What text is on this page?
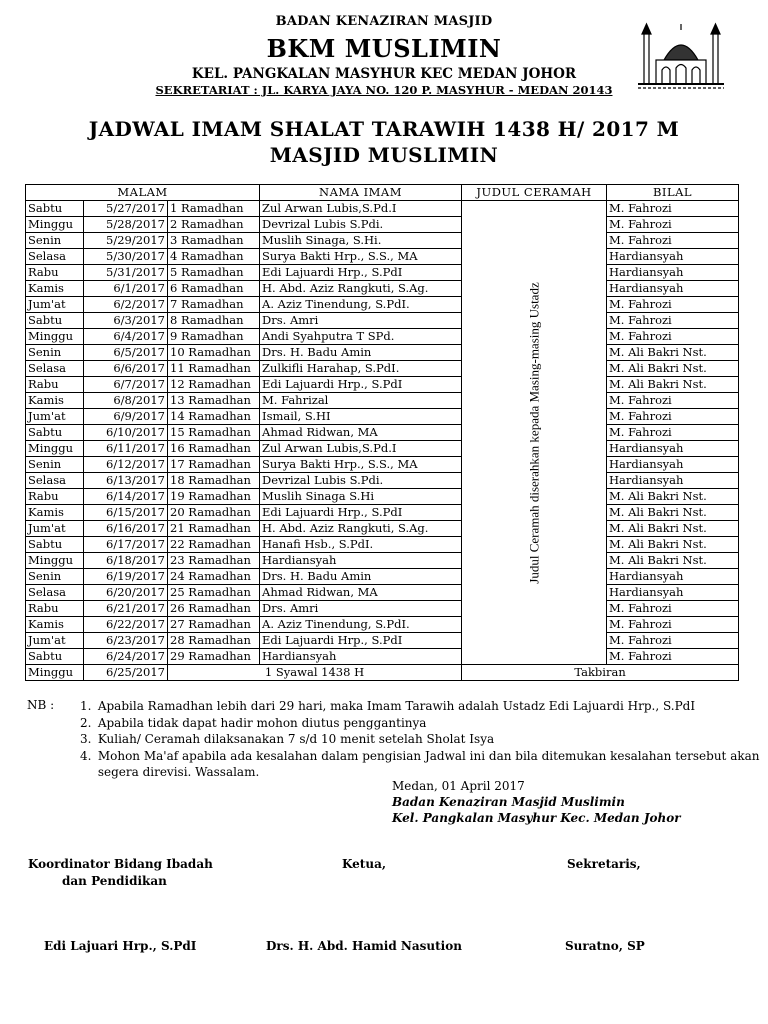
BADAN KENAZIRAN MASJID
BKM MUSLIMIN
KEL. PANGKALAN MASYHUR KEC MEDAN JOHOR
SEKRETARIAT : JL. KARYA JAYA NO. 120 P. MASYHUR - MEDAN 20143
JADWAL IMAM SHALAT TARAWIH 1438 H/ 2017 M
MASJID MUSLIMIN
MALAM			NAMA IMAM	JUDUL CERAMAH	BILAL
Sabtu	5/27/2017	1 Ramadhan	Zul Arwan Lubis,S.Pd.I	Judul Ceramah diserahkan kepada Masing-masing Ustadz	M. Fahrozi
Minggu	5/28/2017	2 Ramadhan	Devrizal Lubis S.Pdi.		M. Fahrozi
Senin	5/29/2017	3 Ramadhan	Muslih Sinaga, S.Hi.		M. Fahrozi
Selasa	5/30/2017	4 Ramadhan	Surya Bakti Hrp., S.S., MA		Hardiansyah
Rabu	5/31/2017	5 Ramadhan	Edi Lajuardi Hrp., S.PdI		Hardiansyah
Kamis	6/1/2017	6 Ramadhan	H. Abd. Aziz Rangkuti, S.Ag.		Hardiansyah
Jum'at	6/2/2017	7 Ramadhan	A. Aziz Tinendung, S.PdI.		M. Fahrozi
Sabtu	6/3/2017	8 Ramadhan	Drs. Amri		M. Fahrozi
Minggu	6/4/2017	9 Ramadhan	Andi Syahputra T SPd.		M. Fahrozi
Senin	6/5/2017	10 Ramadhan	Drs. H. Badu Amin		M. Ali Bakri Nst.
Selasa	6/6/2017	11 Ramadhan	Zulkifli Harahap, S.PdI.		M. Ali Bakri Nst.
Rabu	6/7/2017	12 Ramadhan	Edi Lajuardi Hrp., S.PdI		M. Ali Bakri Nst.
Kamis	6/8/2017	13 Ramadhan	M. Fahrizal		M. Fahrozi
Jum'at	6/9/2017	14 Ramadhan	Ismail, S.HI		M. Fahrozi
Sabtu	6/10/2017	15 Ramadhan	Ahmad Ridwan, MA		M. Fahrozi
Minggu	6/11/2017	16 Ramadhan	Zul Arwan Lubis,S.Pd.I		Hardiansyah
Senin	6/12/2017	17 Ramadhan	Surya Bakti Hrp., S.S., MA		Hardiansyah
Selasa	6/13/2017	18 Ramadhan	Devrizal Lubis S.Pdi.		Hardiansyah
Rabu	6/14/2017	19 Ramadhan	Muslih Sinaga S.Hi		M. Ali Bakri Nst.
Kamis	6/15/2017	20 Ramadhan	Edi Lajuardi Hrp., S.PdI		M. Ali Bakri Nst.
Jum'at	6/16/2017	21 Ramadhan	H. Abd. Aziz Rangkuti, S.Ag.		M. Ali Bakri Nst.
Sabtu	6/17/2017	22 Ramadhan	Hanafi Hsb., S.PdI.		M. Ali Bakri Nst.
Minggu	6/18/2017	23 Ramadhan	Hardiansyah		M. Ali Bakri Nst.
Senin	6/19/2017	24 Ramadhan	Drs. H. Badu Amin		Hardiansyah
Selasa	6/20/2017	25 Ramadhan	Ahmad Ridwan, MA		Hardiansyah
Rabu	6/21/2017	26 Ramadhan	Drs. Amri		M. Fahrozi
Kamis	6/22/2017	27 Ramadhan	A. Aziz Tinendung, S.PdI.		M. Fahrozi
Jum'at	6/23/2017	28 Ramadhan	Edi Lajuardi Hrp., S.PdI		M. Fahrozi
Sabtu	6/24/2017	29 Ramadhan	Hardiansyah		M. Fahrozi
Minggu	6/25/2017	1 Syawal 1438 H		Takbiran	
NB : 1. Apabila Ramadhan lebih dari 29 hari, maka Imam Tarawih adalah Ustadz Edi Lajuardi Hrp., S.PdI
2. Apabila tidak dapat hadir mohon diutus penggantinya
3. Kuliah/ Ceramah dilaksanakan 7 s/d 10 menit setelah Sholat Isya
4. Mohon Ma'af apabila ada kesalahan dalam pengisian Jadwal ini dan bila ditemukan kesalahan tersebut akan
segera direvisi. Wassalam.
Medan, 01 April 2017
Badan Kenaziran Masjid Muslimin
Kel. Pangkalan Masyhur Kec. Medan Johor
Koordinator Bidang Ibadah
dan Pendidikan
Ketua,	Sekretaris,
Edi Lajuari Hrp., S.PdI	Drs. H. Abd. Hamid Nasution	Suratno, SP
